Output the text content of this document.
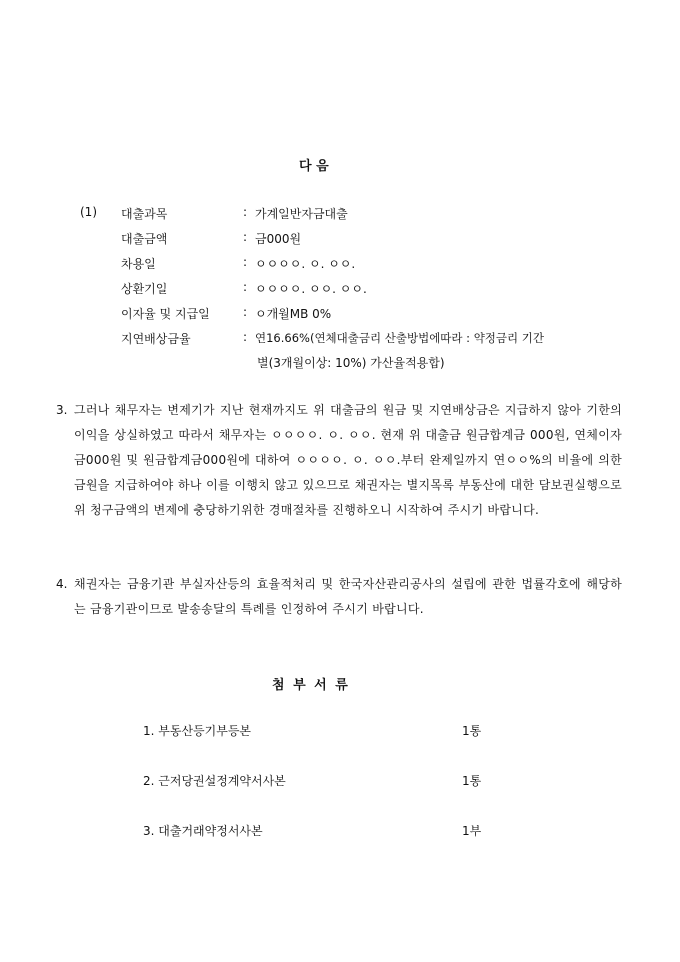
다 음
(1) 대출과목	: 가계일반자금대출
대출금액	: 금000원
차용일	: ㅇㅇㅇㅇ. ㅇ. ㅇㅇ.
상환기일	: ㅇㅇㅇㅇ. ㅇㅇ. ㅇㅇ.
이자율 및 지급일	: ㅇ개월MB 0%
지연배상금율	: 연16.66%(연체대출금리 산출방법에따라 : 약정금리 기간
별(3개월이상: 10%) 가산율적용합)
3. 그러나 채무자는 변제기가 지난 현재까지도 위 대출금의 원금 및 지연배상금은 지급하지 않아 기한의 이익을 상실하였고 따라서 채무자는 ㅇㅇㅇㅇ. ㅇ. ㅇㅇ. 현재 위 대출금 원금합계금 000원, 연체이자 금000원 및 원금합계금000원에 대하여 ㅇㅇㅇㅇ. ㅇ. ㅇㅇ.부터 완제일까지 연ㅇㅇ%의 비율에 의한 금원을 지급하여야 하나 이를 이행치 않고 있으므로 채권자는 별지목록 부동산에 대한 담보권실행으로 위 청구금액의 변제에 충당하기위한 경매절차를 진행하오니 시작하여 주시기 바랍니다.
4. 채권자는 금융기관 부실자산등의 효율적처리 및 한국자산관리공사의 설립에 관한 법률각호에 해당하는 금융기관이므로 발송송달의 특례를 인정하여 주시기 바랍니다.
첨 부 서 류
1. 부동산등기부등본	1통
2. 근저당권설정계약서사본	1통
3. 대출거래약정서사본	1부
